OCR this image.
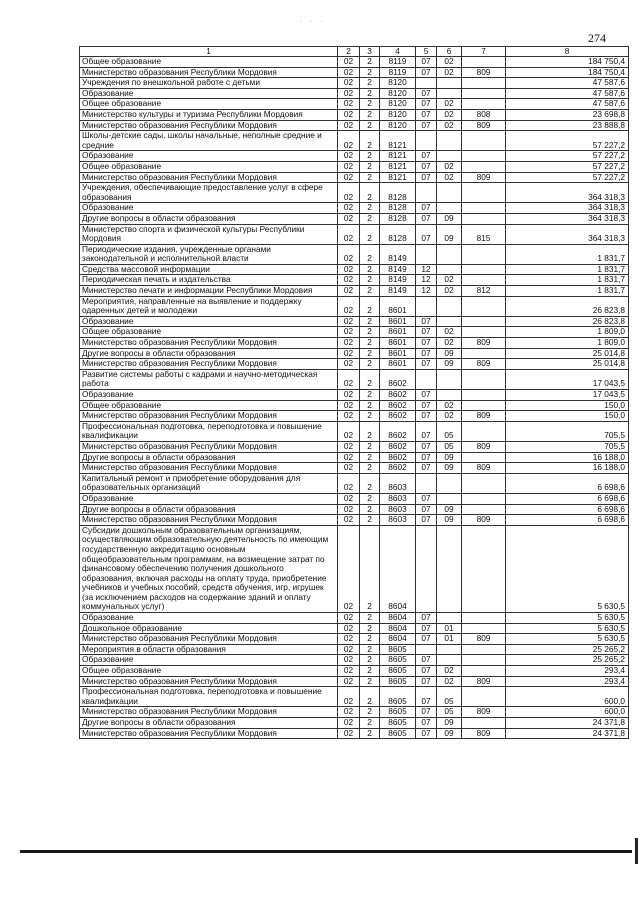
· · ·
274
1	2	3	4	5	6	7	8
Общее образование	02	2	8119	07	02		184 750,4
Министерство образования Республики Мордовия	02	2	8119	07	02	809	184 750,4
Учреждения по внешкольной работе с детьми	02	2	8120				47 587,6
Образование	02	2	8120	07			47 587,6
Общее образование	02	2	8120	07	02		47 587,6
Министерство культуры и туризма Республики Мордовия	02	2	8120	07	02	808	23 698,8
Министерство образования Республики Мордовия	02	2	8120	07	02	809	23 888,8
Школы-детские сады, школы начальные, неполные средние и средние	02	2	8121				57 227,2
Образование	02	2	8121	07			57 227,2
Общее образование	02	2	8121	07	02		57 227,2
Министерство образования Республики Мордовия	02	2	8121	07	02	809	57 227,2
Учреждения, обеспечивающие предоставление услуг в сфере образования	02	2	8128				364 318,3
Образование	02	2	8128	07			364 318,3
Другие вопросы в области образования	02	2	8128	07	09		364 318,3
Министерство спорта и физической культуры Республики Мордовия	02	2	8128	07	09	815	364 318,3
Периодические издания, учрежденные органами законодательной и исполнительной власти	02	2	8149				1 831,7
Средства массовой информации	02	2	8149	12			1 831,7
Периодическая печать и издательства	02	2	8149	12	02		1 831,7
Министерство печати и информации Республики Мордовия	02	2	8149	12	02	812	1 831,7
Мероприятия, направленные на выявление и поддержку одаренных детей и молодежи	02	2	8601				26 823,8
Образование	02	2	8601	07			26 823,8
Общее образование	02	2	8601	07	02		1 809,0
Министерство образования Республики Мордовия	02	2	8601	07	02	809	1 809,0
Другие вопросы в области образования	02	2	8601	07	09		25 014,8
Министерство образования Республики Мордовия	02	2	8601	07	09	809	25 014,8
Развитие системы работы с кадрами и научно-методическая работа	02	2	8602				17 043,5
Образование	02	2	8602	07			17 043,5
Общее образование	02	2	8602	07	02		150,0
Министерство образования Республики Мордовия	02	2	8602	07	02	809	150,0
Профессиональная подготовка, переподготовка и повышение квалификации	02	2	8602	07	05		705,5
Министерство образования Республики Мордовия	02	2	8602	07	05	809	705,5
Другие вопросы в области образования	02	2	8602	07	09		16 188,0
Министерство образования Республики Мордовия	02	2	8602	07	09	809	16 188,0
Капитальный ремонт и приобретение оборудования для образовательных организаций	02	2	8603				6 698,6
Образование	02	2	8603	07			6 698,6
Другие вопросы в области образования	02	2	8603	07	09		6 698,6
Министерство образования Республики Мордовия	02	2	8603	07	09	809	6 698,6
Субсидии дошкольным образовательным организациям, осуществляющим образовательную деятельность по имеющим государственную аккредитацию основным общеобразовательным программам, на возмещение затрат по финансовому обеспечению получения дошкольного образования, включая расходы на оплату труда, приобретение учебников и учебных пособий, средств обучения, игр, игрушек (за исключением расходов на содержание зданий и оплату коммунальных услуг)	02	2	8604				5 630,5
Образование	02	2	8604	07			5 630,5
Дошкольное образование	02	2	8604	07	01		5 630,5
Министерство образования Республики Мордовия	02	2	8604	07	01	809	5 630,5
Мероприятия в области образования	02	2	8605				25 265,2
Образование	02	2	8605	07			25 265,2
Общее образование	02	2	8605	07	02		293,4
Министерство образования Республики Мордовия	02	2	8605	07	02	809	293,4
Профессиональная подготовка, переподготовка и повышение квалификации	02	2	8605	07	05		600,0
Министерство образования Республики Мордовия	02	2	8605	07	05	809	600,0
Другие вопросы в области образования	02	2	8605	07	09		24 371,8
Министерство образования Республики Мордовия	02	2	8605	07	09	809	24 371,8
